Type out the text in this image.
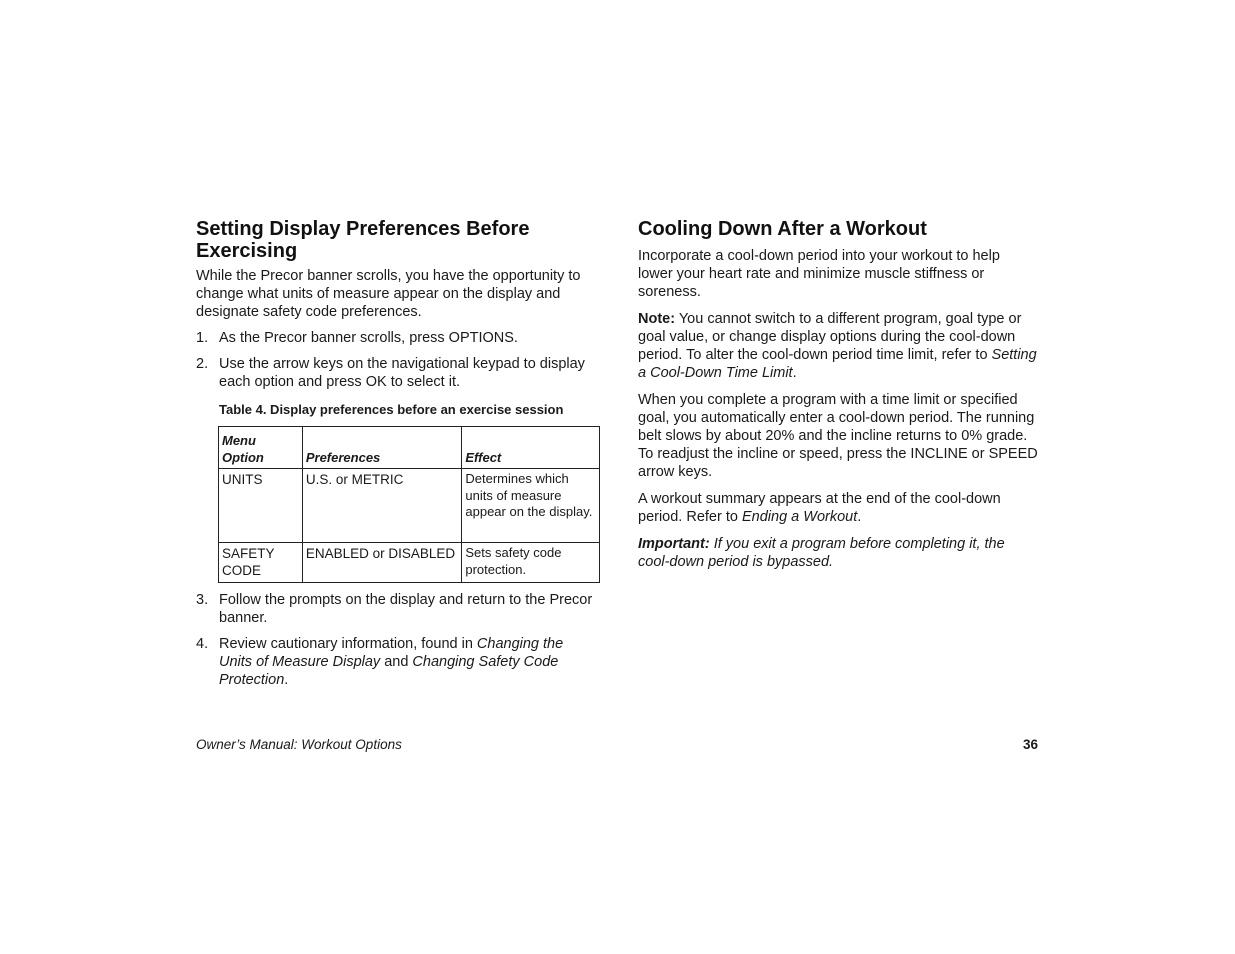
Setting Display Preferences Before Exercising

While the Precor banner scrolls, you have the opportunity to change what units of measure appear on the display and designate safety code preferences.

1. As the Precor banner scrolls, press OPTIONS.
2. Use the arrow keys on the navigational keypad to display each option and press OK to select it.
Table 4. Display preferences before an exercise session
Menu Option	Preferences	Effect
UNITS	U.S. or METRIC	Determines which units of measure appear on the display.
SAFETY CODE	ENABLED or DISABLED	Sets safety code protection.
3. Follow the prompts on the display and return to the Precor banner.
4. Review cautionary information, found in Changing the Units of Measure Display and Changing Safety Code Protection.
Cooling Down After a Workout

Incorporate a cool-down period into your workout to help lower your heart rate and minimize muscle stiffness or soreness.

Note: You cannot switch to a different program, goal type or goal value, or change display options during the cool-down period. To alter the cool-down period time limit, refer to Setting a Cool-Down Time Limit.

When you complete a program with a time limit or specified goal, you automatically enter a cool-down period. The running belt slows by about 20% and the incline returns to 0% grade. To readjust the incline or speed, press the INCLINE or SPEED arrow keys.

A workout summary appears at the end of the cool-down period. Refer to Ending a Workout.

Important: If you exit a program before completing it, the cool-down period is bypassed.

Owner’s Manual: Workout Options	36
